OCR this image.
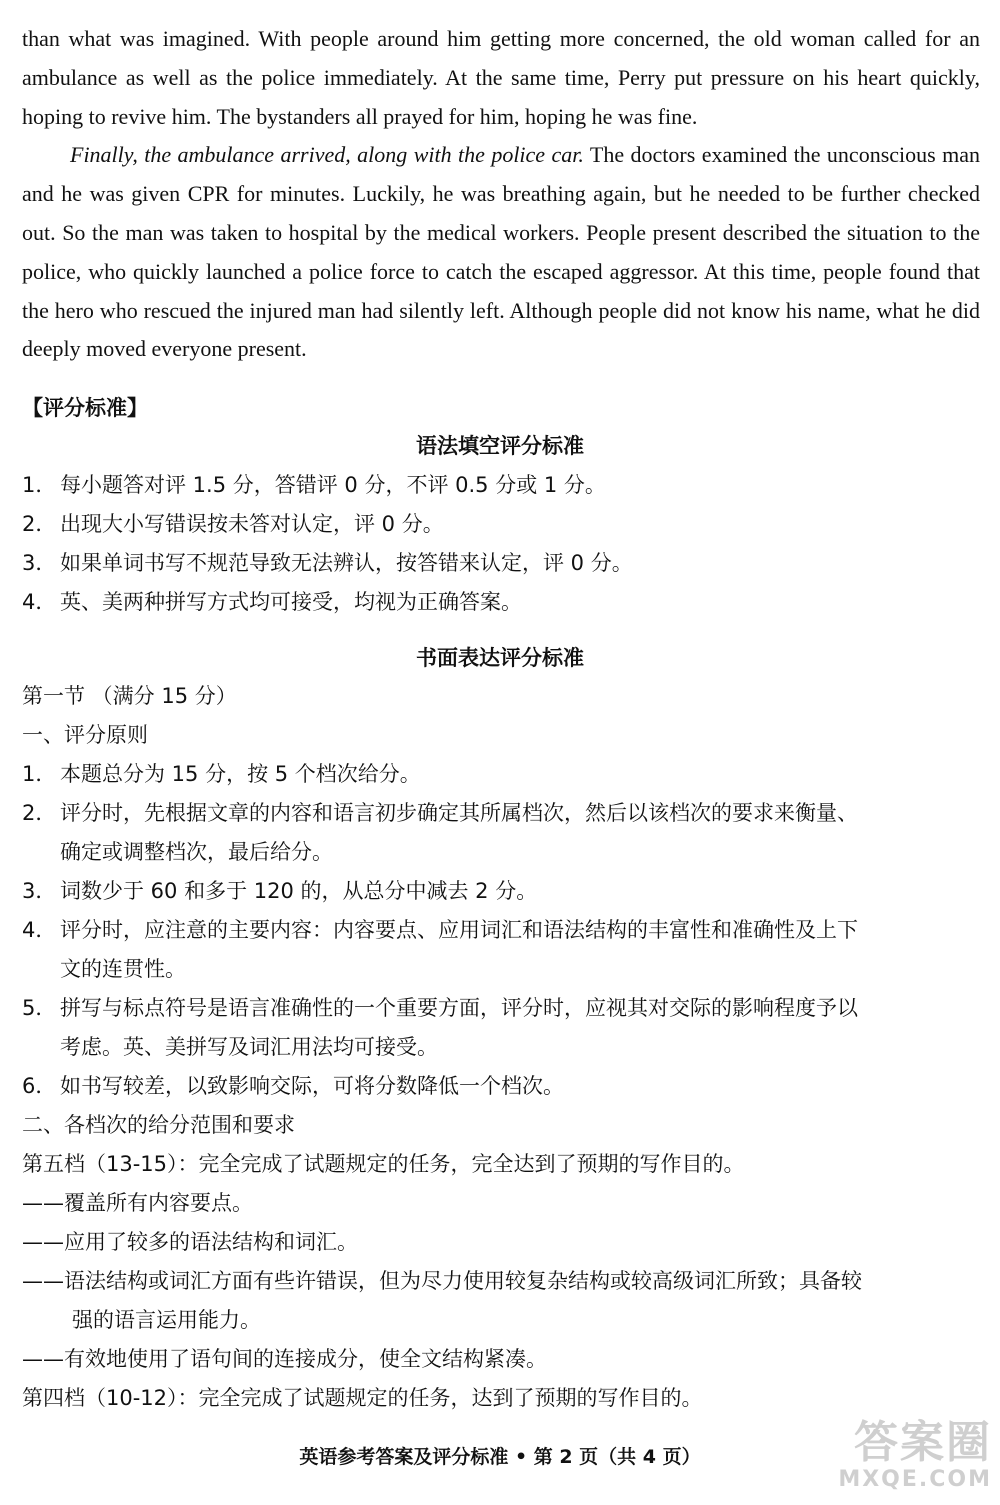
than what was imagined. With people around him getting more concerned, the old woman called for an ambulance as well as the police immediately. At the same time, Perry put pressure on his heart quickly, hoping to revive him. The bystanders all prayed for him, hoping he was fine.

Finally, the ambulance arrived, along with the police car. The doctors examined the unconscious man and he was given CPR for minutes. Luckily, he was breathing again, but he needed to be further checked out. So the man was taken to hospital by the medical workers. People present described the situation to the police, who quickly launched a police force to catch the escaped aggressor. At this time, people found that the hero who rescued the injured man had silently left. Although people did not know his name, what he did deeply moved everyone present.

【评分标准】
语法填空评分标准
1． 每小题答对评 1.5 分，答错评 0 分，不评 0.5 分或 1 分。
2． 出现大小写错误按未答对认定，评 0 分。
3． 如果单词书写不规范导致无法辨认，按答错来认定，评 0 分。
4． 英、美两种拼写方式均可接受，均视为正确答案。
书面表达评分标准
第一节 （满分 15 分）
一、评分原则
1． 本题总分为 15 分，按 5 个档次给分。
2． 评分时，先根据文章的内容和语言初步确定其所属档次，然后以该档次的要求来衡量、
确定或调整档次，最后给分。
3． 词数少于 60 和多于 120 的，从总分中减去 2 分。
4． 评分时，应注意的主要内容：内容要点、应用词汇和语法结构的丰富性和准确性及上下
文的连贯性。
5． 拼写与标点符号是语言准确性的一个重要方面，评分时，应视其对交际的影响程度予以
考虑。英、美拼写及词汇用法均可接受。
6． 如书写较差，以致影响交际，可将分数降低一个档次。
二、各档次的给分范围和要求
第五档（13-15）：完全完成了试题规定的任务，完全达到了预期的写作目的。
——覆盖所有内容要点。
——应用了较多的语法结构和词汇。
——语法结构或词汇方面有些许错误，但为尽力使用较复杂结构或较高级词汇所致；具备较
强的语言运用能力。
——有效地使用了语句间的连接成分，使全文结构紧凑。
第四档（10-12）：完全完成了试题规定的任务，达到了预期的写作目的。
英语参考答案及评分标准 • 第 2 页（共 4 页）	答案圈
MXQE.COM
